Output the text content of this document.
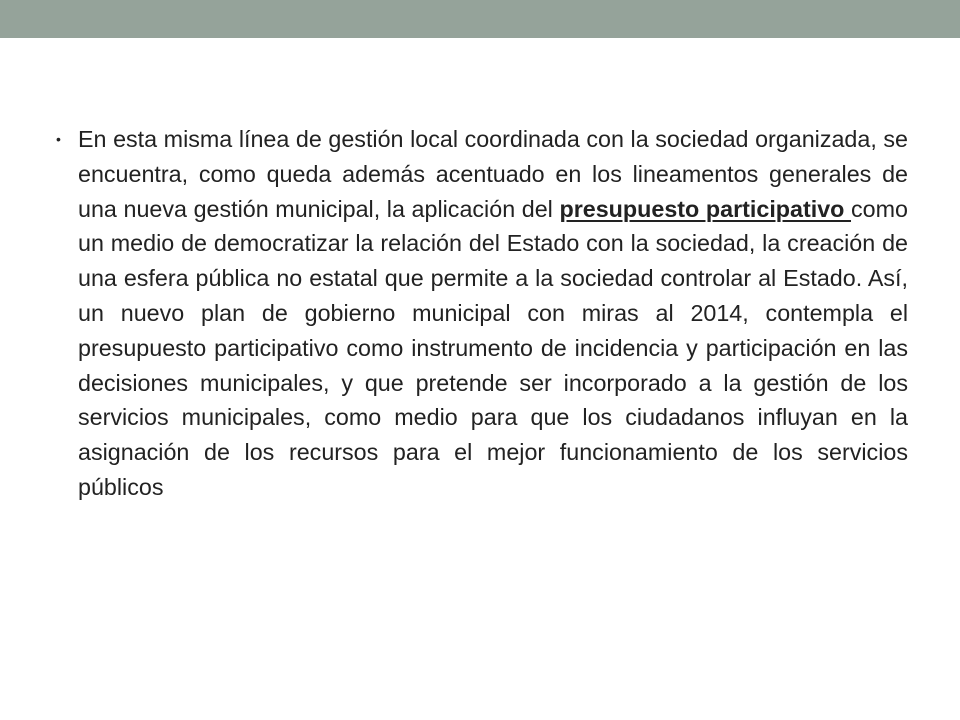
• En esta misma línea de gestión local coordinada con la sociedad organizada, se encuentra, como queda además acentuado en los lineamentos generales de una nueva gestión municipal, la aplicación del presupuesto participativo como un medio de democratizar la relación del Estado con la sociedad, la creación de una esfera pública no estatal que permite a la sociedad controlar al Estado. Así, un nuevo plan de gobierno municipal con miras al 2014, contempla el presupuesto participativo como instrumento de incidencia y participación en las decisiones municipales, y que pretende ser incorporado a la gestión de los servicios municipales, como medio para que los ciudadanos influyan en la asignación de los recursos para el mejor funcionamiento de los servicios públicos
